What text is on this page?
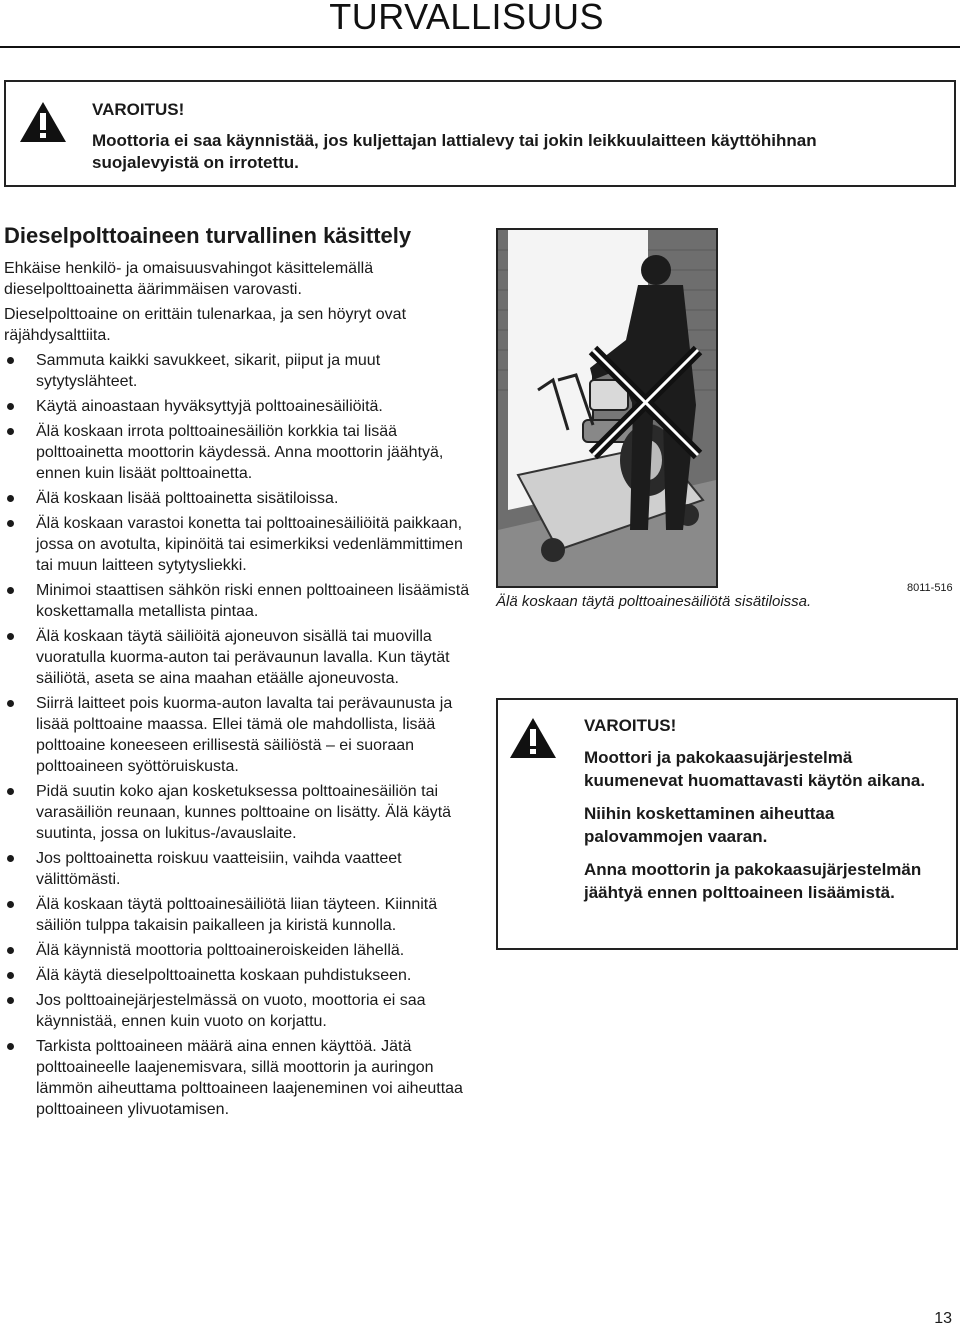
TURVALLISUUS
VAROITUS!
Moottoria ei saa käynnistää, jos kuljettajan lattialevy tai jokin leikkuulaitteen käyttöhihnan suojalevyistä on irrotettu.
Dieselpolttoaineen turvallinen käsittely

Ehkäise henkilö- ja omaisuusvahingot käsittelemällä dieselpolttoainetta äärimmäisen varovasti.

Dieselpolttoaine on erittäin tulenarkaa, ja sen höyryt ovat räjähdysalttiita.

Sammuta kaikki savukkeet, sikarit, piiput ja muut sytytyslähteet.
Käytä ainoastaan hyväksyttyjä polttoainesäiliöitä.
Älä koskaan irrota polttoainesäiliön korkkia tai lisää polttoainetta moottorin käydessä. Anna moottorin jäähtyä, ennen kuin lisäät polttoainetta.
Älä koskaan lisää polttoainetta sisätiloissa.
Älä koskaan varastoi konetta tai polttoainesäiliöitä paikkaan, jossa on avotulta, kipinöitä tai esimerkiksi vedenlämmittimen tai muun laitteen sytytysliekki.
Minimoi staattisen sähkön riski ennen polttoaineen lisäämistä koskettamalla metallista pintaa.
Älä koskaan täytä säiliöitä ajoneuvon sisällä tai muovilla vuoratulla kuorma-auton tai perävaunun lavalla. Kun täytät säiliötä, aseta se aina maahan etäälle ajoneuvosta.
Siirrä laitteet pois kuorma-auton lavalta tai perävaunusta ja lisää polttoaine maassa. Ellei tämä ole mahdollista, lisää polttoaine koneeseen erillisestä säiliöstä – ei suoraan polttoaineen syöttöruiskusta.
Pidä suutin koko ajan kosketuksessa polttoainesäiliön tai varasäiliön reunaan, kunnes polttoaine on lisätty. Älä käytä suutinta, jossa on lukitus-/avauslaite.
Jos polttoainetta roiskuu vaatteisiin, vaihda vaatteet välittömästi.
Älä koskaan täytä polttoainesäiliötä liian täyteen. Kiinnitä säiliön tulppa takaisin paikalleen ja kiristä kunnolla.
Älä käynnistä moottoria polttoaineroiskeiden lähellä.
Älä käytä dieselpolttoainetta koskaan puhdistukseen.
Jos polttoainejärjestelmässä on vuoto, moottoria ei saa käynnistää, ennen kuin vuoto on korjattu.
Tarkista polttoaineen määrä aina ennen käyttöä. Jätä polttoaineelle laajenemisvara, sillä moottorin ja auringon lämmön aiheuttama polttoaineen laajeneminen voi aiheuttaa polttoaineen ylivuotamisen.
Älä koskaan täytä polttoainesäiliötä sisätiloissa.
8011-516
VAROITUS!

Moottori ja pakokaasujärjestelmä kuumenevat huomattavasti käytön aikana.

Niihin koskettaminen aiheuttaa palovammojen vaaran.

Anna moottorin ja pakokaasujärjestelmän jäähtyä ennen polttoaineen lisäämistä.

13
